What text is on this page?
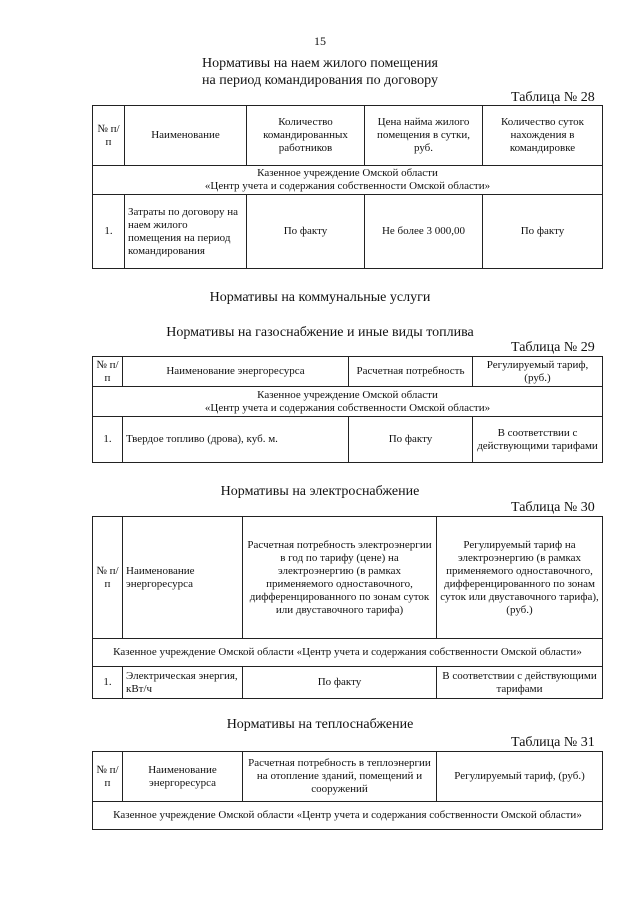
15
Нормативы на наем жилого помещения
на период командирования по договору
Таблица № 28
№ п/п	Наименование	Количество командированных работников	Цена найма жилого помещения в сутки, руб.	Количество суток нахождения в командировке

Казенное учреждение Омской области
«Центр учета и содержания собственности Омской области»				

1.	Затраты по договору на наем жилого помещения на период командирования	По факту	Не более 3 000,00	По факту
Нормативы на коммунальные услуги
Нормативы на газоснабжение и иные виды топлива
Таблица № 29
№ п/п	Наименование энергоресурса	Расчетная потребность	Регулируемый тариф, (руб.)

Казенное учреждение Омской области
«Центр учета и содержания собственности Омской области»			

1.	Твердое топливо (дрова), куб. м.	По факту	В соответствии с действующими тарифами
Нормативы на электроснабжение
Таблица № 30
№ п/п	Наименование энергоресурса	Расчетная потребность электроэнергии в год по тарифу (цене) на электроэнергию (в рамках применяемого одноставочного, дифференцированного по зонам суток или двуставочного тарифа)	Регулируемый тариф на электроэнергию (в рамках применяемого одноставочного, дифференцированного по зонам суток или двуставочного тарифа), (руб.)
Казенное учреждение Омской области «Центр учета и содержания собственности Омской области»			
1.	Электрическая энергия, кВт/ч	По факту	В соответствии с действующими тарифами
Нормативы на теплоснабжение
Таблица № 31
№ п/п	Наименование энергоресурса	Расчетная потребность в теплоэнергии на отопление зданий, помещений и сооружений	Регулируемый тариф, (руб.)
Казенное учреждение Омской области «Центр учета и содержания собственности Омской области»
